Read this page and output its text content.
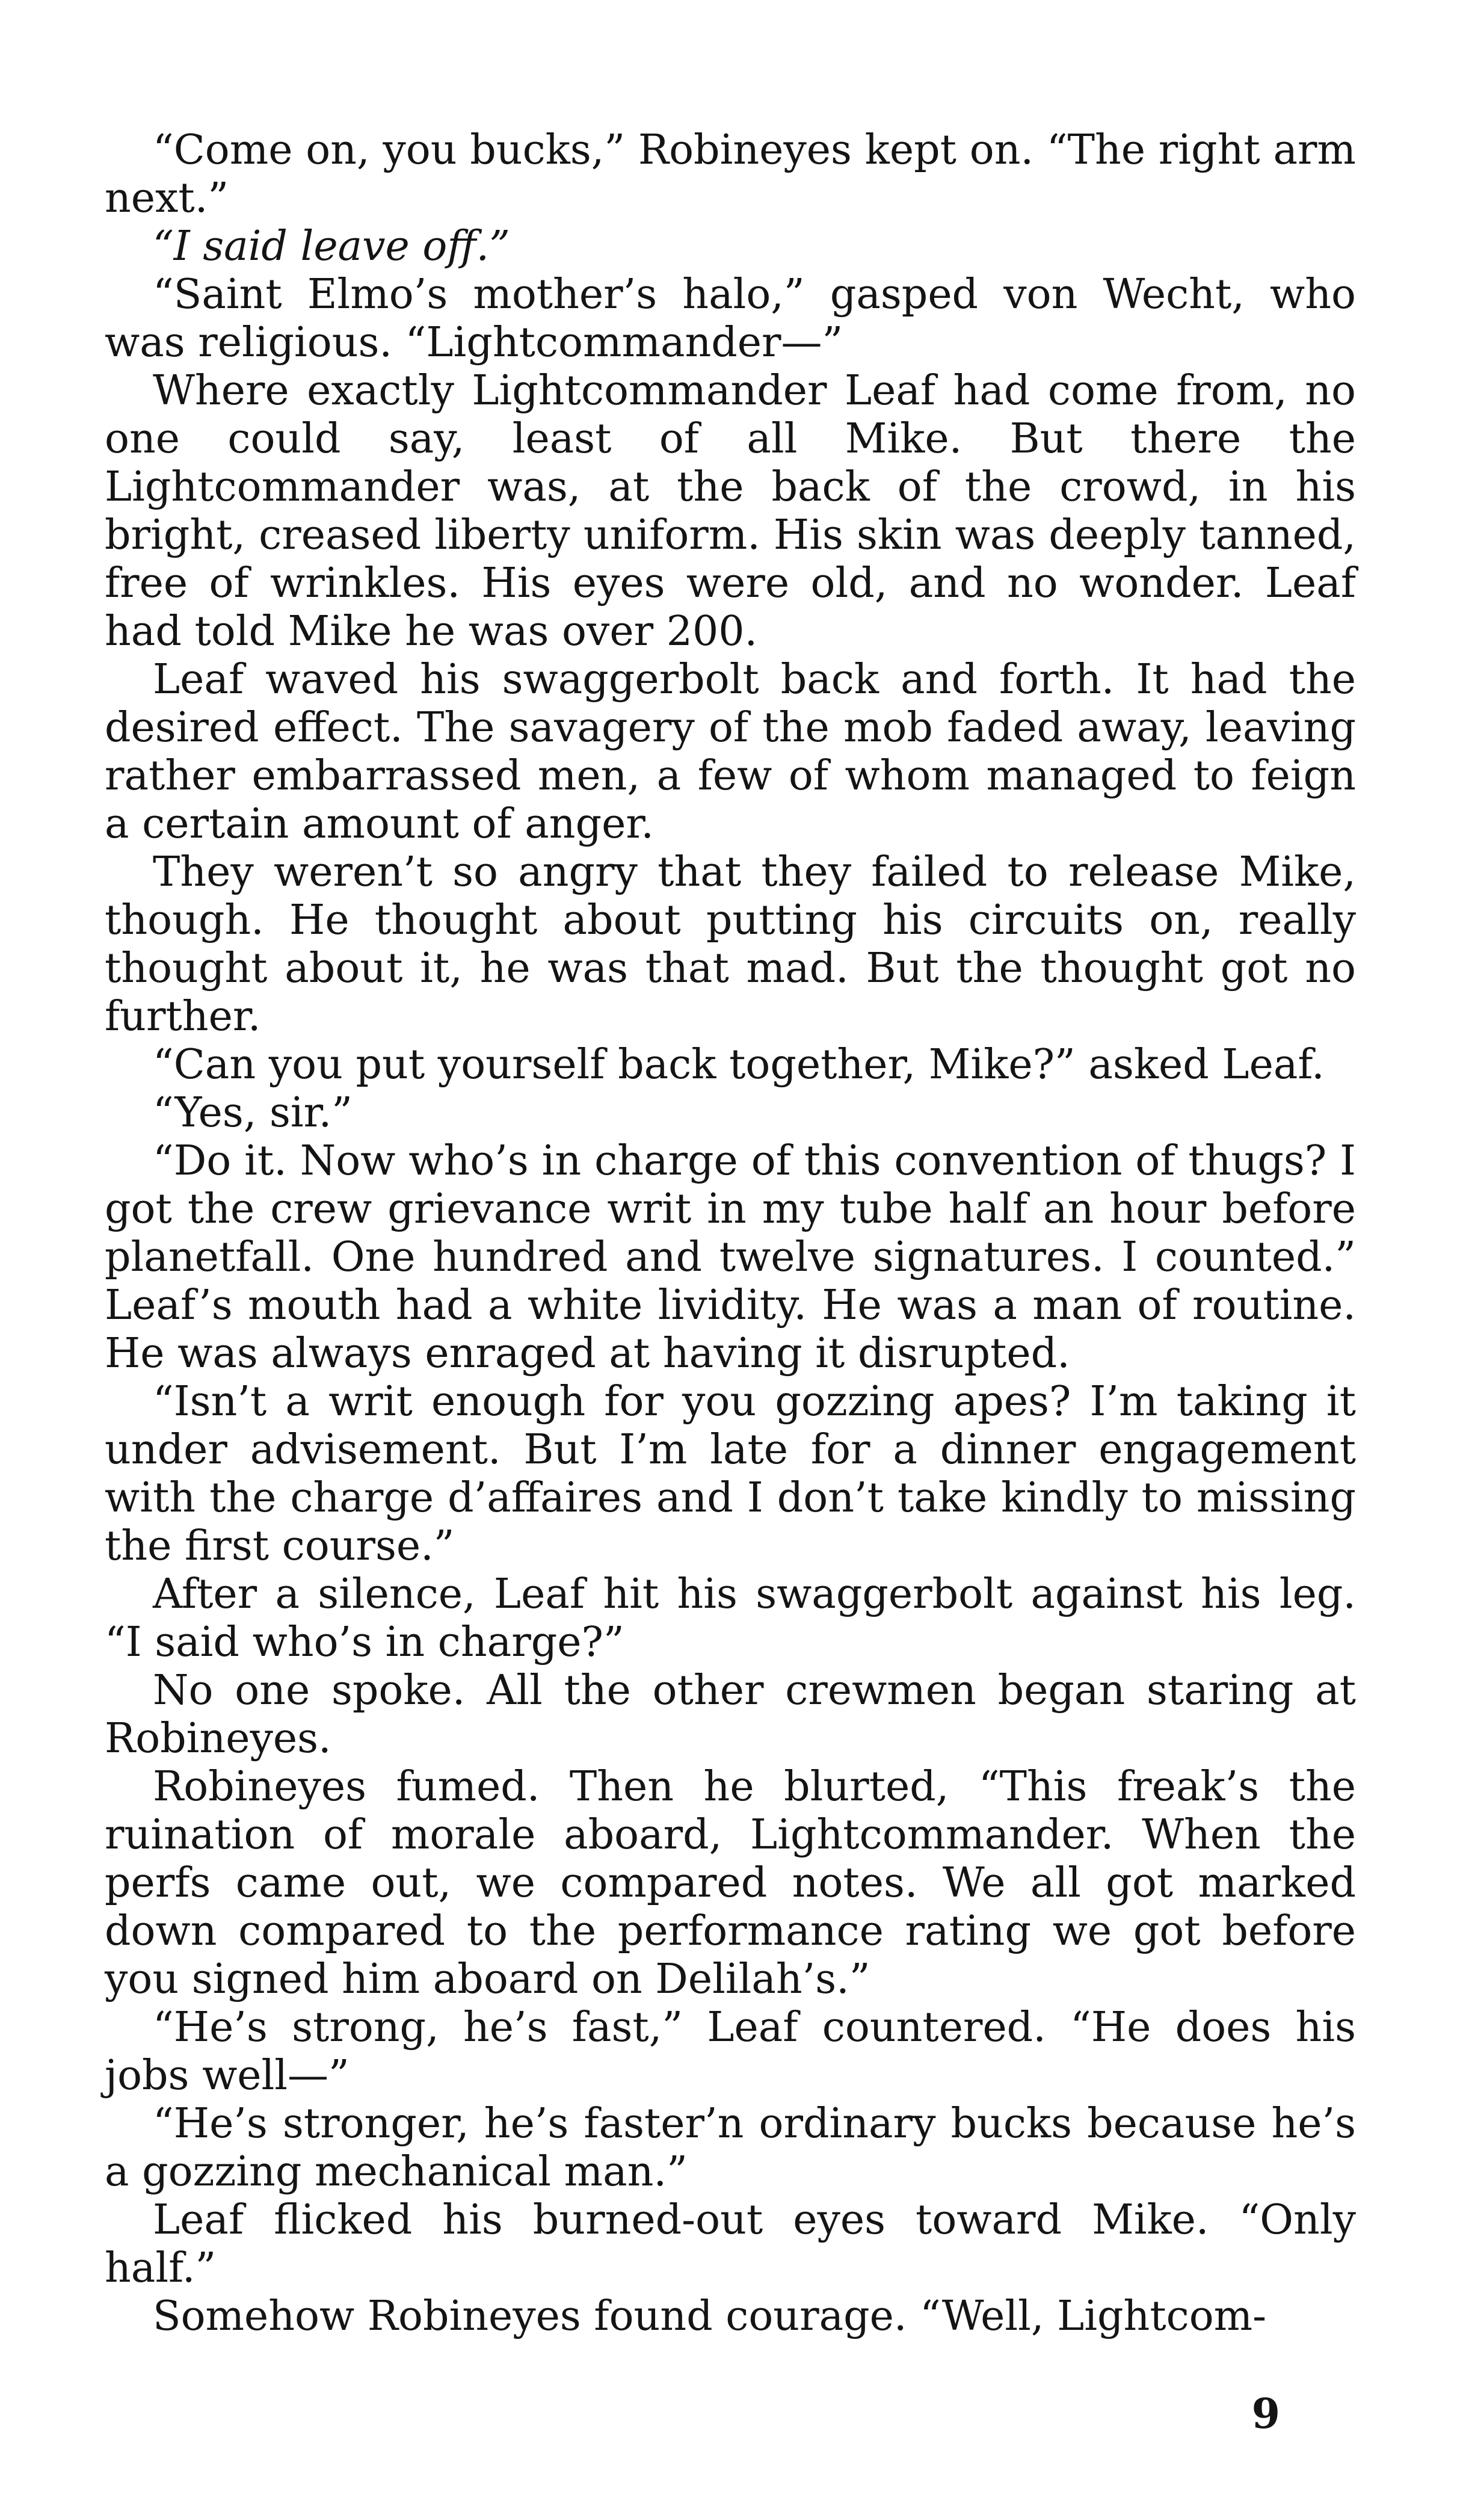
“Come on, you bucks,” Robineyes kept on. “The right arm next.”

“I said leave off.”

“Saint Elmo’s mother’s halo,” gasped von Wecht, who was religious. “Lightcommander—”

Where exactly Lightcommander Leaf had come from, no one could say, least of all Mike. But there the Lightcommander was, at the back of the crowd, in his bright, creased liberty uniform. His skin was deeply tanned, free of wrinkles. His eyes were old, and no wonder. Leaf had told Mike he was over 200.

Leaf waved his swaggerbolt back and forth. It had the desired effect. The savagery of the mob faded away, leaving rather embarrassed men, a few of whom managed to feign a certain amount of anger.

They weren’t so angry that they failed to release Mike, though. He thought about putting his circuits on, really thought about it, he was that mad. But the thought got no further.

“Can you put yourself back together, Mike?” asked Leaf.

“Yes, sir.”

“Do it. Now who’s in charge of this convention of thugs? I got the crew grievance writ in my tube half an hour before planetfall. One hundred and twelve signatures. I counted.” Leaf’s mouth had a white lividity. He was a man of routine. He was always enraged at having it disrupted.

“Isn’t a writ enough for you gozzing apes? I’m taking it under advisement. But I’m late for a dinner engagement with the charge d’affaires and I don’t take kindly to missing the first course.”

After a silence, Leaf hit his swaggerbolt against his leg. “I said who’s in charge?”

No one spoke. All the other crewmen began staring at Robineyes.

Robineyes fumed. Then he blurted, “This freak’s the ruination of morale aboard, Lightcommander. When the perfs came out, we compared notes. We all got marked down compared to the performance rating we got before you signed him aboard on Delilah’s.”

“He’s strong, he’s fast,” Leaf countered. “He does his jobs well—”

“He’s stronger, he’s faster’n ordinary bucks because he’s a gozzing mechanical man.”

Leaf flicked his burned-out eyes toward Mike. “Only half.”

Somehow Robineyes found courage. “Well, Lightcom-

9
